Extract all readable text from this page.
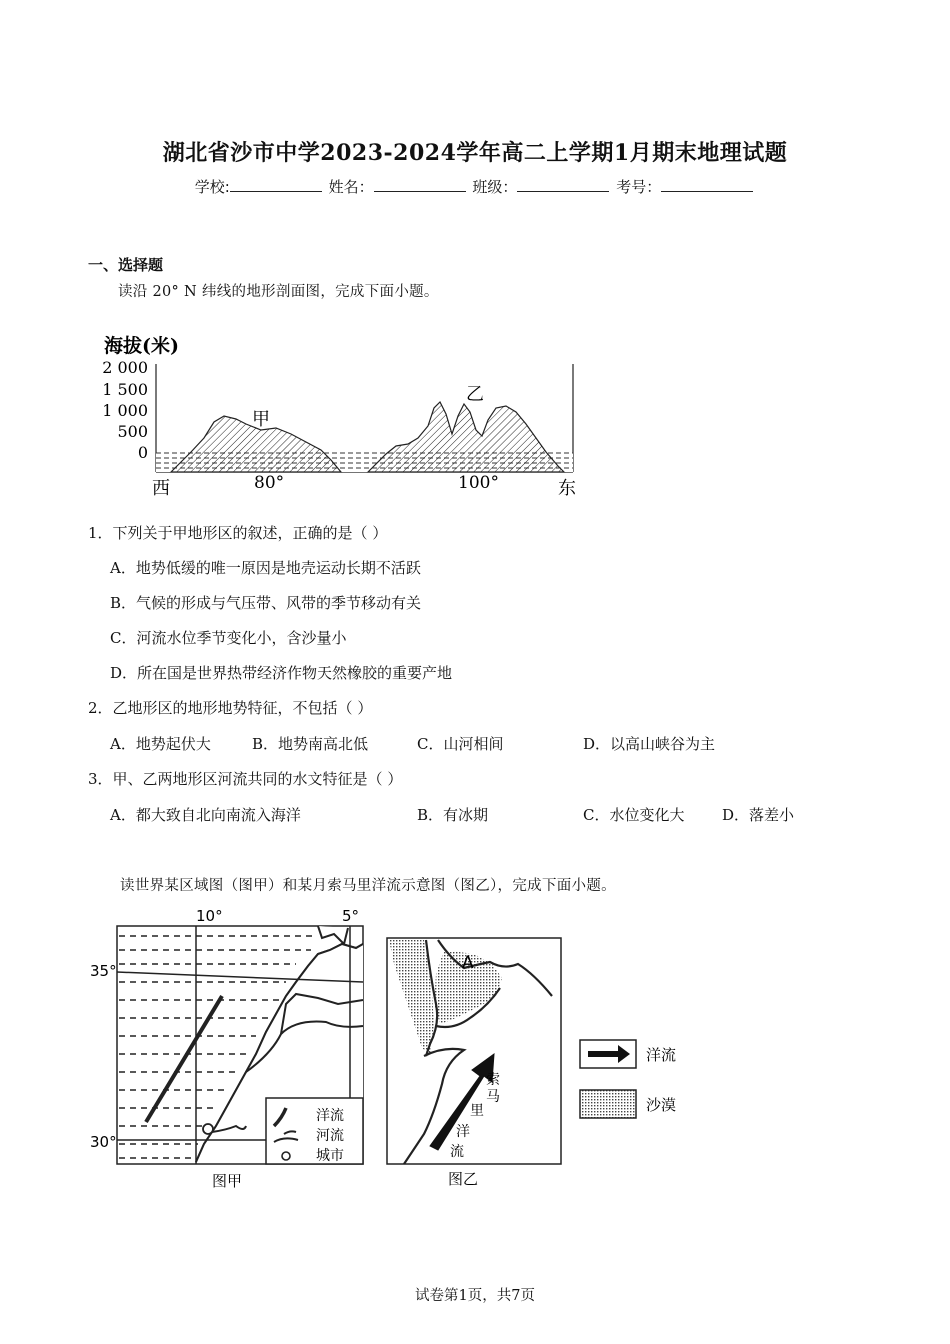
湖北省沙市中学2023-2024学年高二上学期1月期末地理试题
学校:	姓名：	班级：	考号：
一、选择题
读沿 20° N 纬线的地形剖面图，完成下面小题。
海拔(米)
2 000
1 500
1 000
500
0
甲
乙
西	80°	100°	东
1．下列关于甲地形区的叙述，正确的是（ ）
A．地势低缓的唯一原因是地壳运动长期不活跃
B．气候的形成与气压带、风带的季节移动有关
C．河流水位季节变化小，含沙量小
D．所在国是世界热带经济作物天然橡胶的重要产地
2．乙地形区的地形地势特征，不包括（ ）
A．地势起伏大	B．地势南高北低	C．山河相间	D．以高山峡谷为主
3．甲、乙两地形区河流共同的水文特征是（ ）
A．都大致自北向南流入海洋	B．有冰期	C．水位变化大	D．落差小
读世界某区域图（图甲）和某月索马里洋流示意图（图乙），完成下面小题。
10°	5°
35°
30°
洋流
河流
城市
图甲
A
索
马
里
洋
流
图乙
洋流
沙漠
试卷第1页，共7页
